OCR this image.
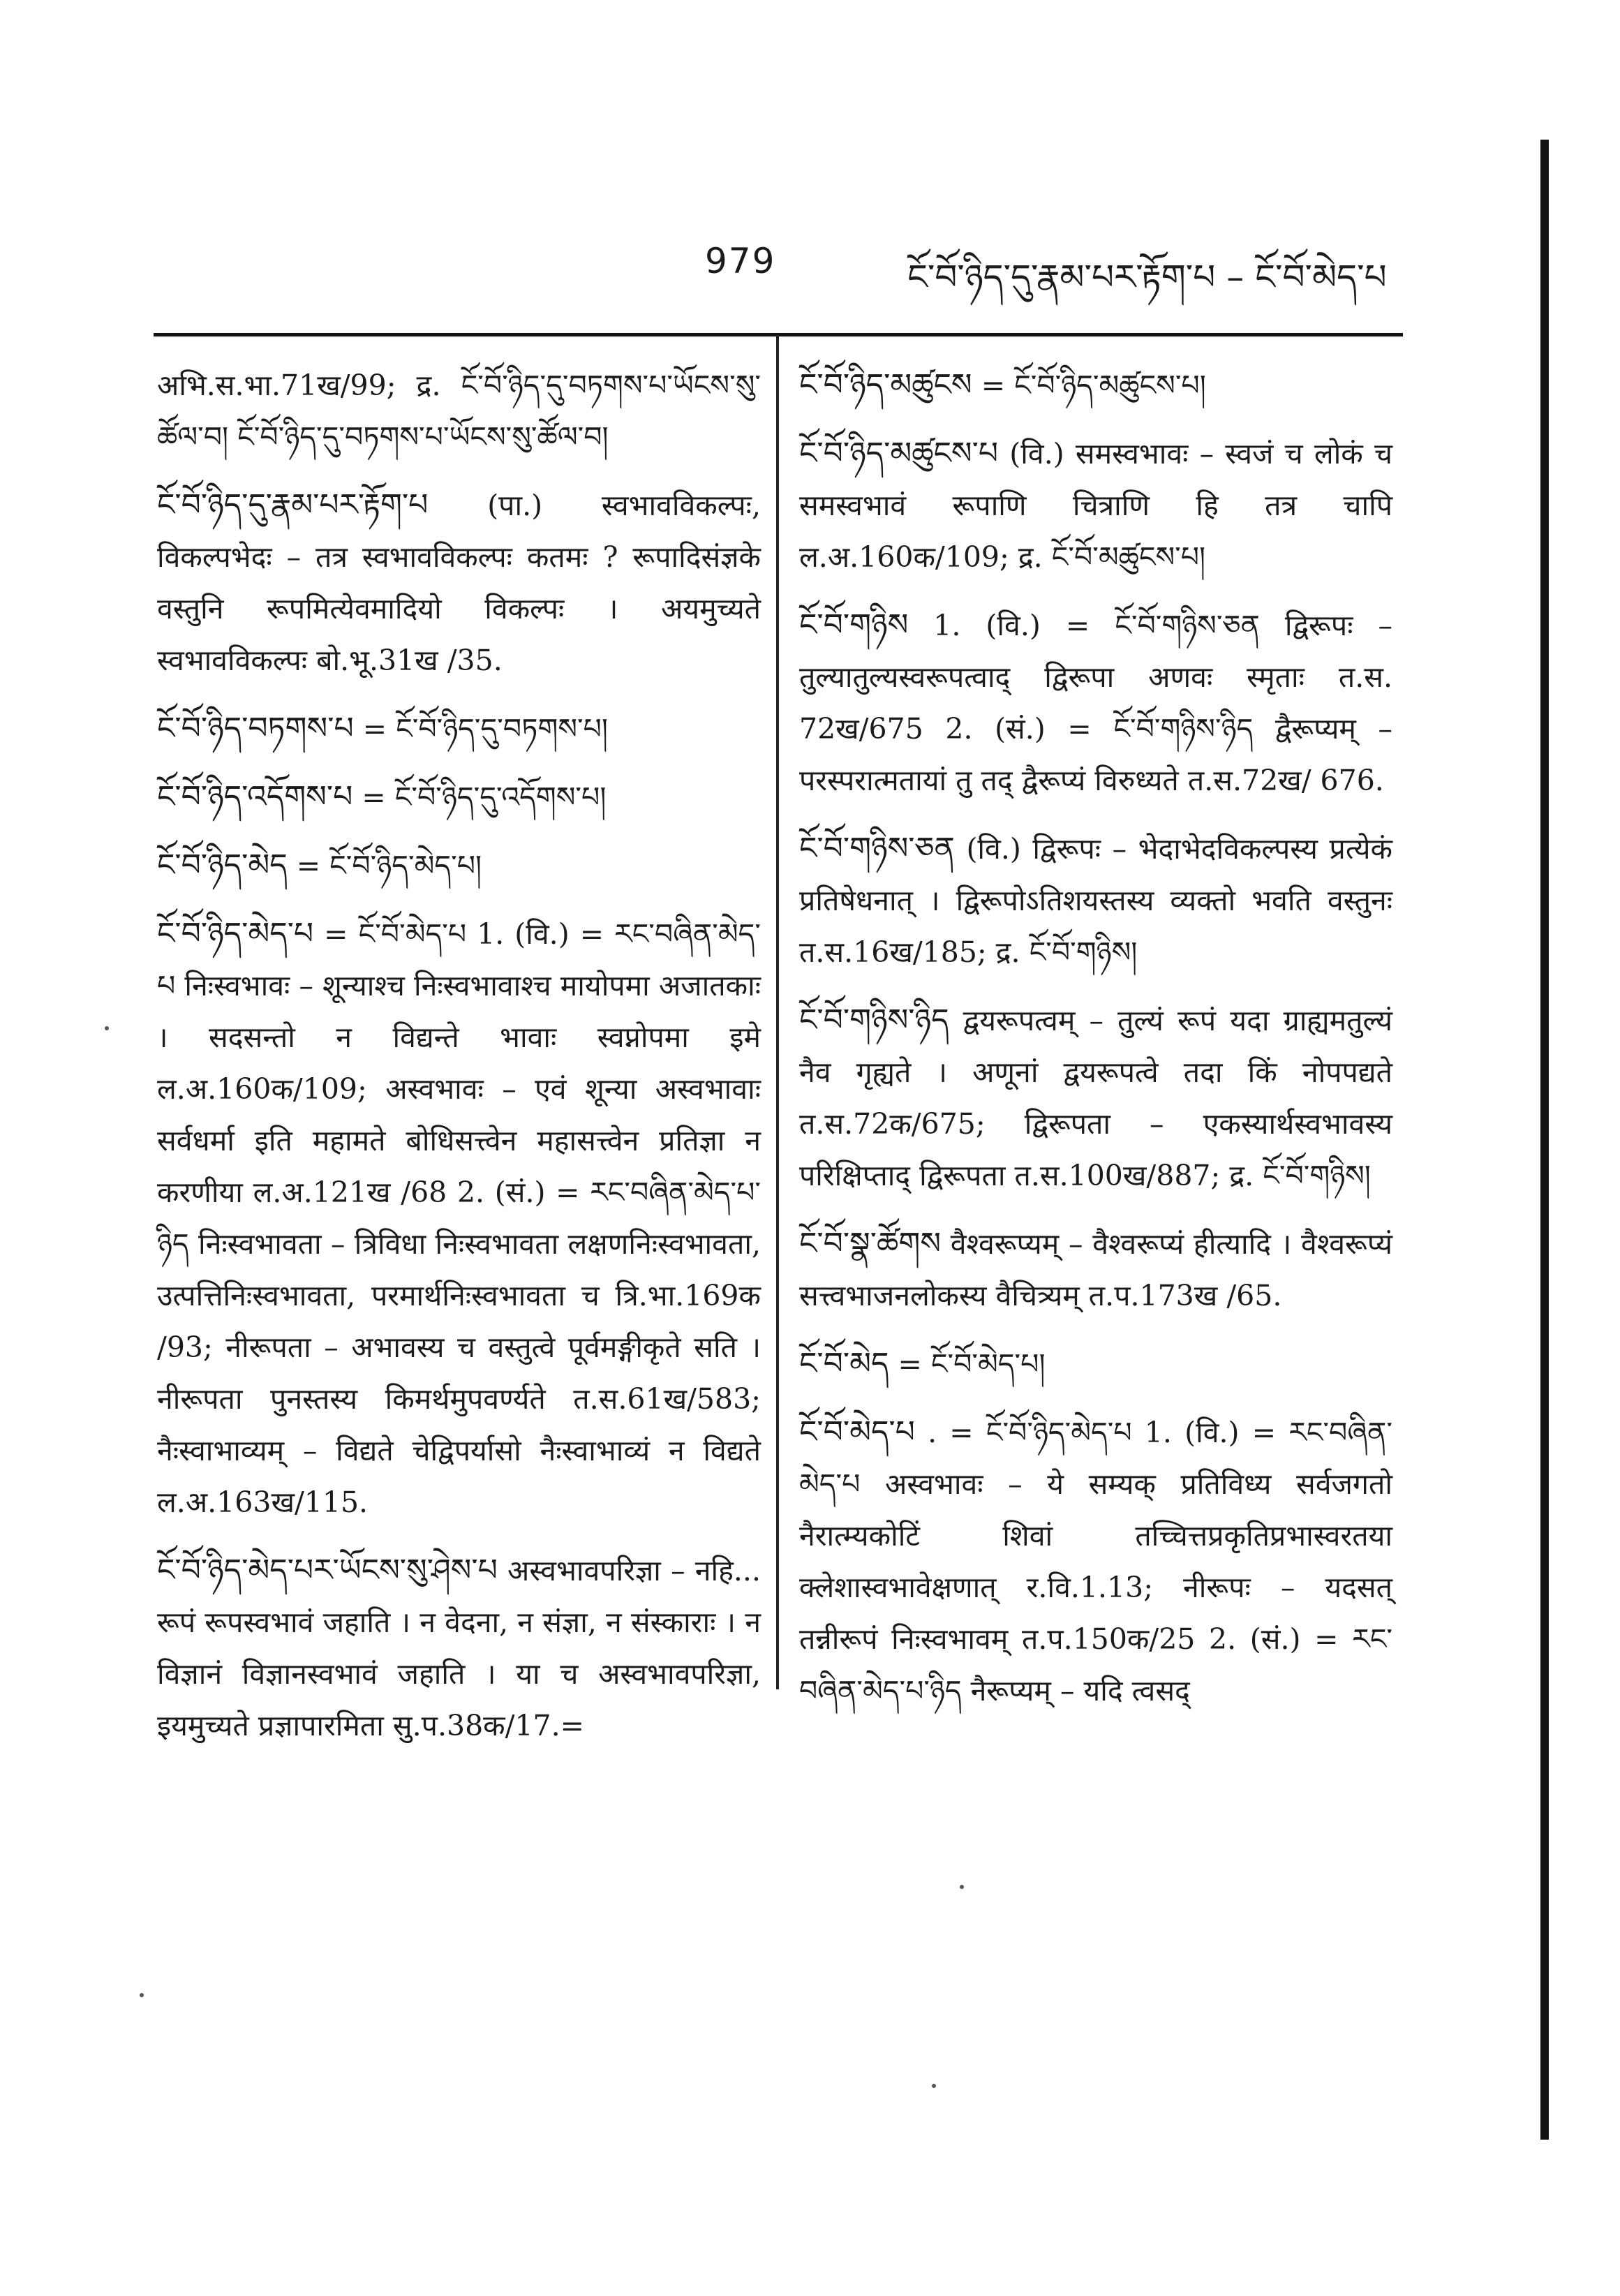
979	ངོ་བོ་ཉིད་དུ་རྣམ་པར་རྟོག་པ – ངོ་བོ་མེད་པ

अभि.स.भा.71ख/99; द्र. ངོ་བོ་ཉིད་དུ་བཏགས་པ་ཡོངས་སུ་ཚོལ་བ། ངོ་བོ་ཉིད་དུ་བཏགས་པ་ཡོངས་སུ་ཚོལ་བ།

ངོ་བོ་ཉིད་དུ་རྣམ་པར་རྟོག་པ (पा.) स्वभावविकल्पः, विकल्पभेदः – तत्र स्वभावविकल्पः कतमः ? रूपादिसंज्ञके वस्तुनि रूपमित्येवमादियो विकल्पः । अयमुच्यते स्वभावविकल्पः बो.भू.31ख /35.

ངོ་བོ་ཉིད་བཏགས་པ = ངོ་བོ་ཉིད་དུ་བཏགས་པ།

ངོ་བོ་ཉིད་འདོགས་པ = ངོ་བོ་ཉིད་དུ་འདོགས་པ།

ངོ་བོ་ཉིད་མེད = ངོ་བོ་ཉིད་མེད་པ།

ངོ་བོ་ཉིད་མེད་པ = ངོ་བོ་མེད་པ 1. (वि.) = རང་བཞིན་མེད་པ निःस्वभावः – शून्याश्च निःस्वभावाश्च मायोपमा अजातकाः । सदसन्तो न विद्यन्ते भावाः स्वप्नोपमा इमे ल.अ.160क/109; अस्वभावः – एवं शून्या अस्वभावाः सर्वधर्मा इति महामते बोधिसत्त्वेन महासत्त्वेन प्रतिज्ञा न करणीया ल.अ.121ख /68 2. (सं.) = རང་བཞིན་མེད་པ་ཉིད निःस्वभावता – त्रिविधा निःस्वभावता लक्षणनिःस्वभावता, उत्पत्तिनिःस्वभावता, परमार्थनिःस्वभावता च त्रि.भा.169क /93; नीरूपता – अभावस्य च वस्तुत्वे पूर्वमङ्गीकृते सति । नीरूपता पुनस्तस्य किमर्थमुपवर्ण्यते त.स.61ख/583; नैःस्वाभाव्यम् – विद्यते चेद्विपर्यासो नैःस्वाभाव्यं न विद्यते ल.अ.163ख/115.

ངོ་བོ་ཉིད་མེད་པར་ཡོངས་སུ་ཤེས་པ अस्वभावपरिज्ञा – नहि... रूपं रूपस्वभावं जहाति । न वेदना, न संज्ञा, न संस्काराः । न विज्ञानं विज्ञानस्वभावं जहाति । या च अस्वभावपरिज्ञा, इयमुच्यते प्रज्ञापारमिता सु.प.38क/17.=

ངོ་བོ་ཉིད་མཚུངས = ངོ་བོ་ཉིད་མཚུངས་པ།

ངོ་བོ་ཉིད་མཚུངས་པ (वि.) समस्वभावः – स्वजं च लोकं च समस्वभावं रूपाणि चित्राणि हि तत्र चापि ल.अ.160क/109; द्र. ངོ་བོ་མཚུངས་པ།

ངོ་བོ་གཉིས 1. (वि.) = ངོ་བོ་གཉིས་ཅན द्विरूपः – तुल्यातुल्यस्वरूपत्वाद् द्विरूपा अणवः स्मृताः त.स. 72ख/675 2. (सं.) = ངོ་བོ་གཉིས་ཉིད द्वैरूप्यम् – परस्परात्मतायां तु तद् द्वैरूप्यं विरुध्यते त.स.72ख/ 676.

ངོ་བོ་གཉིས་ཅན (वि.) द्विरूपः – भेदाभेदविकल्पस्य प्रत्येकं प्रतिषेधनात् । द्विरूपोऽतिशयस्तस्य व्यक्तो भवति वस्तुनः त.स.16ख/185; द्र. ངོ་བོ་གཉིས།

ངོ་བོ་གཉིས་ཉིད द्वयरूपत्वम् – तुल्यं रूपं यदा ग्राह्यमतुल्यं नैव गृह्यते । अणूनां द्वयरूपत्वे तदा किं नोपपद्यते त.स.72क/675; द्विरूपता – एकस्यार्थस्वभावस्य परिक्षिप्ताद् द्विरूपता त.स.100ख/887; द्र. ངོ་བོ་གཉིས།

ངོ་བོ་སྣ་ཚོགས वैश्वरूप्यम् – वैश्वरूप्यं हीत्यादि । वैश्वरूप्यं सत्त्वभाजनलोकस्य वैचित्र्यम् त.प.173ख /65.

ངོ་བོ་མེད = ངོ་བོ་མེད་པ།

ངོ་བོ་མེད་པ . = ངོ་བོ་ཉིད་མེད་པ 1. (वि.) = རང་བཞིན་མེད་པ अस्वभावः – ये सम्यक् प्रतिविध्य सर्वजगतो नैरात्म्यकोटिं शिवां तच्चित्तप्रकृतिप्रभास्वरतया क्लेशास्वभावेक्षणात् र.वि.1.13; नीरूपः – यदसत् तन्नीरूपं निःस्वभावम् त.प.150क/25 2. (सं.) = རང་བཞིན་མེད་པ་ཉིད नैरूप्यम् – यदि त्वसद्
